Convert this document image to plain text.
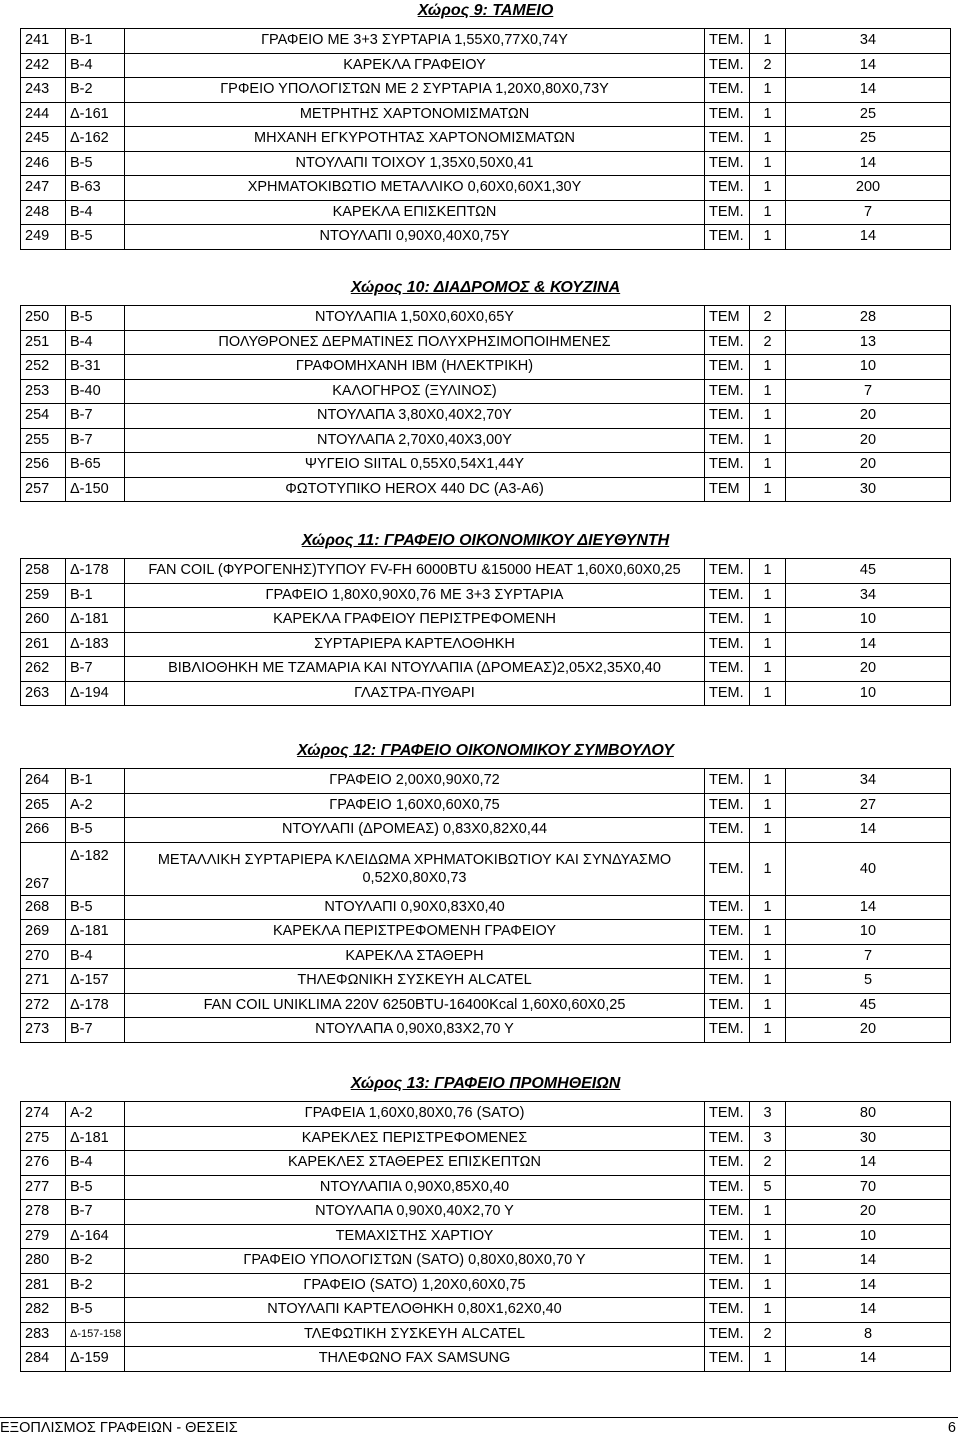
Χώρος 9: ΤΑΜΕΙΟ
241	Β-1	ΓΡΑΦΕΙΟ ΜΕ 3+3 ΣΥΡΤΑΡΙΑ 1,55Χ0,77Χ0,74Υ	ΤΕΜ.	1	34
242	Β-4	ΚΑΡΕΚΛΑ ΓΡΑΦΕΙΟΥ	ΤΕΜ.	2	14
243	Β-2	ΓΡΦΕΙΟ ΥΠΟΛΟΓΙΣΤΩΝ ΜΕ 2 ΣΥΡΤΑΡΙΑ 1,20Χ0,80Χ0,73Υ	ΤΕΜ.	1	14
244	Δ-161	ΜΕΤΡΗΤΗΣ ΧΑΡΤΟΝΟΜΙΣΜΑΤΩΝ	ΤΕΜ.	1	25
245	Δ-162	ΜΗΧΑΝΗ ΕΓΚΥΡΟΤΗΤΑΣ ΧΑΡΤΟΝΟΜΙΣΜΑΤΩΝ	ΤΕΜ.	1	25
246	Β-5	ΝΤΟΥΛΑΠΙ ΤΟΙΧΟΥ 1,35Χ0,50Χ0,41	ΤΕΜ.	1	14
247	Β-63	ΧΡΗΜΑΤΟΚΙΒΩΤΙΟ ΜΕΤΑΛΛΙΚΟ 0,60Χ0,60Χ1,30Υ	ΤΕΜ.	1	200
248	Β-4	ΚΑΡΕΚΛΑ ΕΠΙΣΚΕΠΤΩΝ	ΤΕΜ.	1	7
249	Β-5	ΝΤΟΥΛΑΠΙ 0,90Χ0,40Χ0,75Υ	ΤΕΜ.	1	14
Χώρος 10: ΔΙΑΔΡΟΜΟΣ & ΚΟΥΖΙΝΑ
250	Β-5	ΝΤΟΥΛΑΠΙΑ 1,50Χ0,60Χ0,65Υ	ΤΕΜ	2	28
251	Β-4	ΠΟΛΥΘΡΟΝΕΣ ΔΕΡΜΑΤΙΝΕΣ ΠΟΛΥΧΡΗΣΙΜΟΠΟΙΗΜΕΝΕΣ	ΤΕΜ.	2	13
252	Β-31	ΓΡΑΦΟΜΗΧΑΝΗ IBM (ΗΛΕΚΤΡΙΚΗ)	ΤΕΜ.	1	10
253	Β-40	ΚΑΛΟΓΗΡΟΣ (ΞΥΛΙΝΟΣ)	ΤΕΜ.	1	7
254	Β-7	ΝΤΟΥΛΑΠΑ 3,80Χ0,40Χ2,70Υ	ΤΕΜ.	1	20
255	Β-7	ΝΤΟΥΛΑΠΑ 2,70Χ0,40Χ3,00Υ	ΤΕΜ.	1	20
256	Β-65	ΨΥΓΕΙΟ SIITAL 0,55Χ0,54Χ1,44Υ	ΤΕΜ.	1	20
257	Δ-150	ΦΩΤΟΤΥΠΙΚΟ HEROX 440 DC (A3-A6)	ΤΕΜ	1	30
Χώρος 11: ΓΡΑΦΕΙΟ ΟΙΚΟΝΟΜΙΚΟΥ ΔΙΕΥΘΥΝΤΗ
258	Δ-178	FAN COIL (ΦΥΡΟΓΕΝΗΣ)ΤΥΠΟΥ FV-FH 6000BTU &15000 HEAT 1,60Χ0,60Χ0,25	ΤΕΜ.	1	45
259	Β-1	ΓΡΑΦΕΙΟ 1,80Χ0,90Χ0,76 ΜΕ 3+3 ΣΥΡΤΑΡΙΑ	ΤΕΜ.	1	34
260	Δ-181	ΚΑΡΕΚΛΑ ΓΡΑΦΕΙΟΥ ΠΕΡΙΣΤΡΕΦΟΜΕΝΗ	ΤΕΜ.	1	10
261	Δ-183	ΣΥΡΤΑΡΙΕΡΑ ΚΑΡΤΕΛΟΘΗΚΗ	ΤΕΜ.	1	14
262	Β-7	ΒΙΒΛΙΟΘΗΚΗ ΜΕ ΤΖΑΜΑΡΙΑ ΚΑΙ ΝΤΟΥΛΑΠΙΑ (ΔΡΟΜΕΑΣ)2,05Χ2,35Χ0,40	ΤΕΜ.	1	20
263	Δ-194	ΓΛΑΣΤΡΑ-ΠΥΘΑΡΙ	ΤΕΜ.	1	10
Χώρος 12: ΓΡΑΦΕΙΟ ΟΙΚΟΝΟΜΙΚΟΥ ΣΥΜΒΟΥΛΟΥ
264	Β-1	ΓΡΑΦΕΙΟ 2,00Χ0,90Χ0,72	ΤΕΜ.	1	34
265	Α-2	ΓΡΑΦΕΙΟ 1,60Χ0,60Χ0,75	ΤΕΜ.	1	27
266	Β-5	ΝΤΟΥΛΑΠΙ (ΔΡΟΜΕΑΣ) 0,83Χ0,82Χ0,44	ΤΕΜ.	1	14
267	Δ-182	ΜΕΤΑΛΛΙΚΗ ΣΥΡΤΑΡΙΕΡΑ ΚΛΕΙΔΩΜΑ ΧΡΗΜΑΤΟΚΙΒΩΤΙΟΥ ΚΑΙ ΣΥΝΔΥΑΣΜΟ 0,52Χ0,80Χ0,73	ΤΕΜ.	1	40
268	Β-5	ΝΤΟΥΛΑΠΙ 0,90Χ0,83Χ0,40	ΤΕΜ.	1	14
269	Δ-181	ΚΑΡΕΚΛΑ ΠΕΡΙΣΤΡΕΦΟΜΕΝΗ ΓΡΑΦΕΙΟΥ	ΤΕΜ.	1	10
270	Β-4	ΚΑΡΕΚΛΑ ΣΤΑΘΕΡΗ	ΤΕΜ.	1	7
271	Δ-157	ΤΗΛΕΦΩΝΙΚΗ ΣΥΣΚΕΥΗ ALCATEL	ΤΕΜ.	1	5
272	Δ-178	FAN COIL UNIKLIMA 220V 6250BTU-16400Kcal 1,60Χ0,60Χ0,25	ΤΕΜ.	1	45
273	Β-7	ΝΤΟΥΛΑΠΑ 0,90Χ0,83Χ2,70 Υ	ΤΕΜ.	1	20
Χώρος 13: ΓΡΑΦΕΙΟ ΠΡΟΜΗΘΕΙΩΝ
274	Α-2	ΓΡΑΦΕΙΑ 1,60Χ0,80Χ0,76 (SATO)	ΤΕΜ.	3	80
275	Δ-181	ΚΑΡΕΚΛΕΣ ΠΕΡΙΣΤΡΕΦΟΜΕΝΕΣ	ΤΕΜ.	3	30
276	Β-4	ΚΑΡΕΚΛΕΣ ΣΤΑΘΕΡΕΣ ΕΠΙΣΚΕΠΤΩΝ	ΤΕΜ.	2	14
277	Β-5	ΝΤΟΥΛΑΠΙΑ 0,90Χ0,85Χ0,40	ΤΕΜ.	5	70
278	Β-7	ΝΤΟΥΛΑΠΑ 0,90Χ0,40Χ2,70 Υ	ΤΕΜ.	1	20
279	Δ-164	ΤΕΜΑΧΙΣΤΗΣ ΧΑΡΤΙΟΥ	ΤΕΜ.	1	10
280	Β-2	ΓΡΑΦΕΙΟ ΥΠΟΛΟΓΙΣΤΩΝ (SATO) 0,80Χ0,80Χ0,70 Υ	ΤΕΜ.	1	14
281	Β-2	ΓΡΑΦΕΙΟ (SATO) 1,20Χ0,60Χ0,75	ΤΕΜ.	1	14
282	Β-5	ΝΤΟΥΛΑΠΙ ΚΑΡΤΕΛΟΘΗΚΗ 0,80Χ1,62Χ0,40	ΤΕΜ.	1	14
283	Δ-157-158	ΤΛΕΦΩΤΙΚΗ ΣΥΣΚΕΥΗ ALCATEL	ΤΕΜ.	2	8
284	Δ-159	ΤΗΛΕΦΩΝΟ FAX SAMSUNG	ΤΕΜ.	1	14
ΕΞΟΠΛΙΣΜΟΣ ΓΡΑΦΕΙΩΝ - ΘΕΣΕΙΣ	6
